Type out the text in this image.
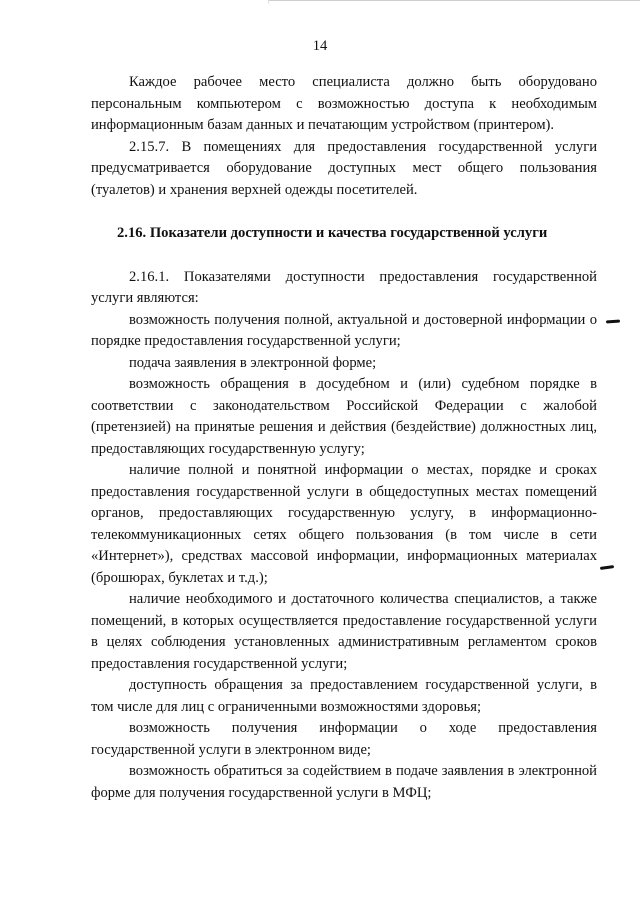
14

Каждое рабочее место специалиста должно быть оборудовано персональным компьютером с возможностью доступа к необходимым информационным базам данных и печатающим устройством (принтером).

2.15.7. В помещениях для предоставления государственной услуги предусматривается оборудование доступных мест общего пользования (туалетов) и хранения верхней одежды посетителей.

2.16. Показатели доступности и качества государственной услуги

2.16.1. Показателями доступности предоставления государственной услуги являются:

возможность получения полной, актуальной и достоверной информации о порядке предоставления государственной услуги;

подача заявления в электронной форме;

возможность обращения в досудебном и (или) судебном порядке в соответствии с законодательством Российской Федерации с жалобой (претензией) на принятые решения и действия (бездействие) должностных лиц, предоставляющих государственную услугу;

наличие полной и понятной информации о местах, порядке и сроках предоставления государственной услуги в общедоступных местах помещений органов, предоставляющих государственную услугу, в информационно-телекоммуникационных сетях общего пользования (в том числе в сети «Интернет»), средствах массовой информации, информационных материалах (брошюрах, буклетах и т.д.);

наличие необходимого и достаточного количества специалистов, а также помещений, в которых осуществляется предоставление государственной услуги в целях соблюдения установленных административным регламентом сроков предоставления государственной услуги;

доступность обращения за предоставлением государственной услуги, в том числе для лиц с ограниченными возможностями здоровья;

возможность получения информации о ходе предоставления государственной услуги в электронном виде;

возможность обратиться за содействием в подаче заявления в электронной форме для получения государственной услуги в МФЦ;
